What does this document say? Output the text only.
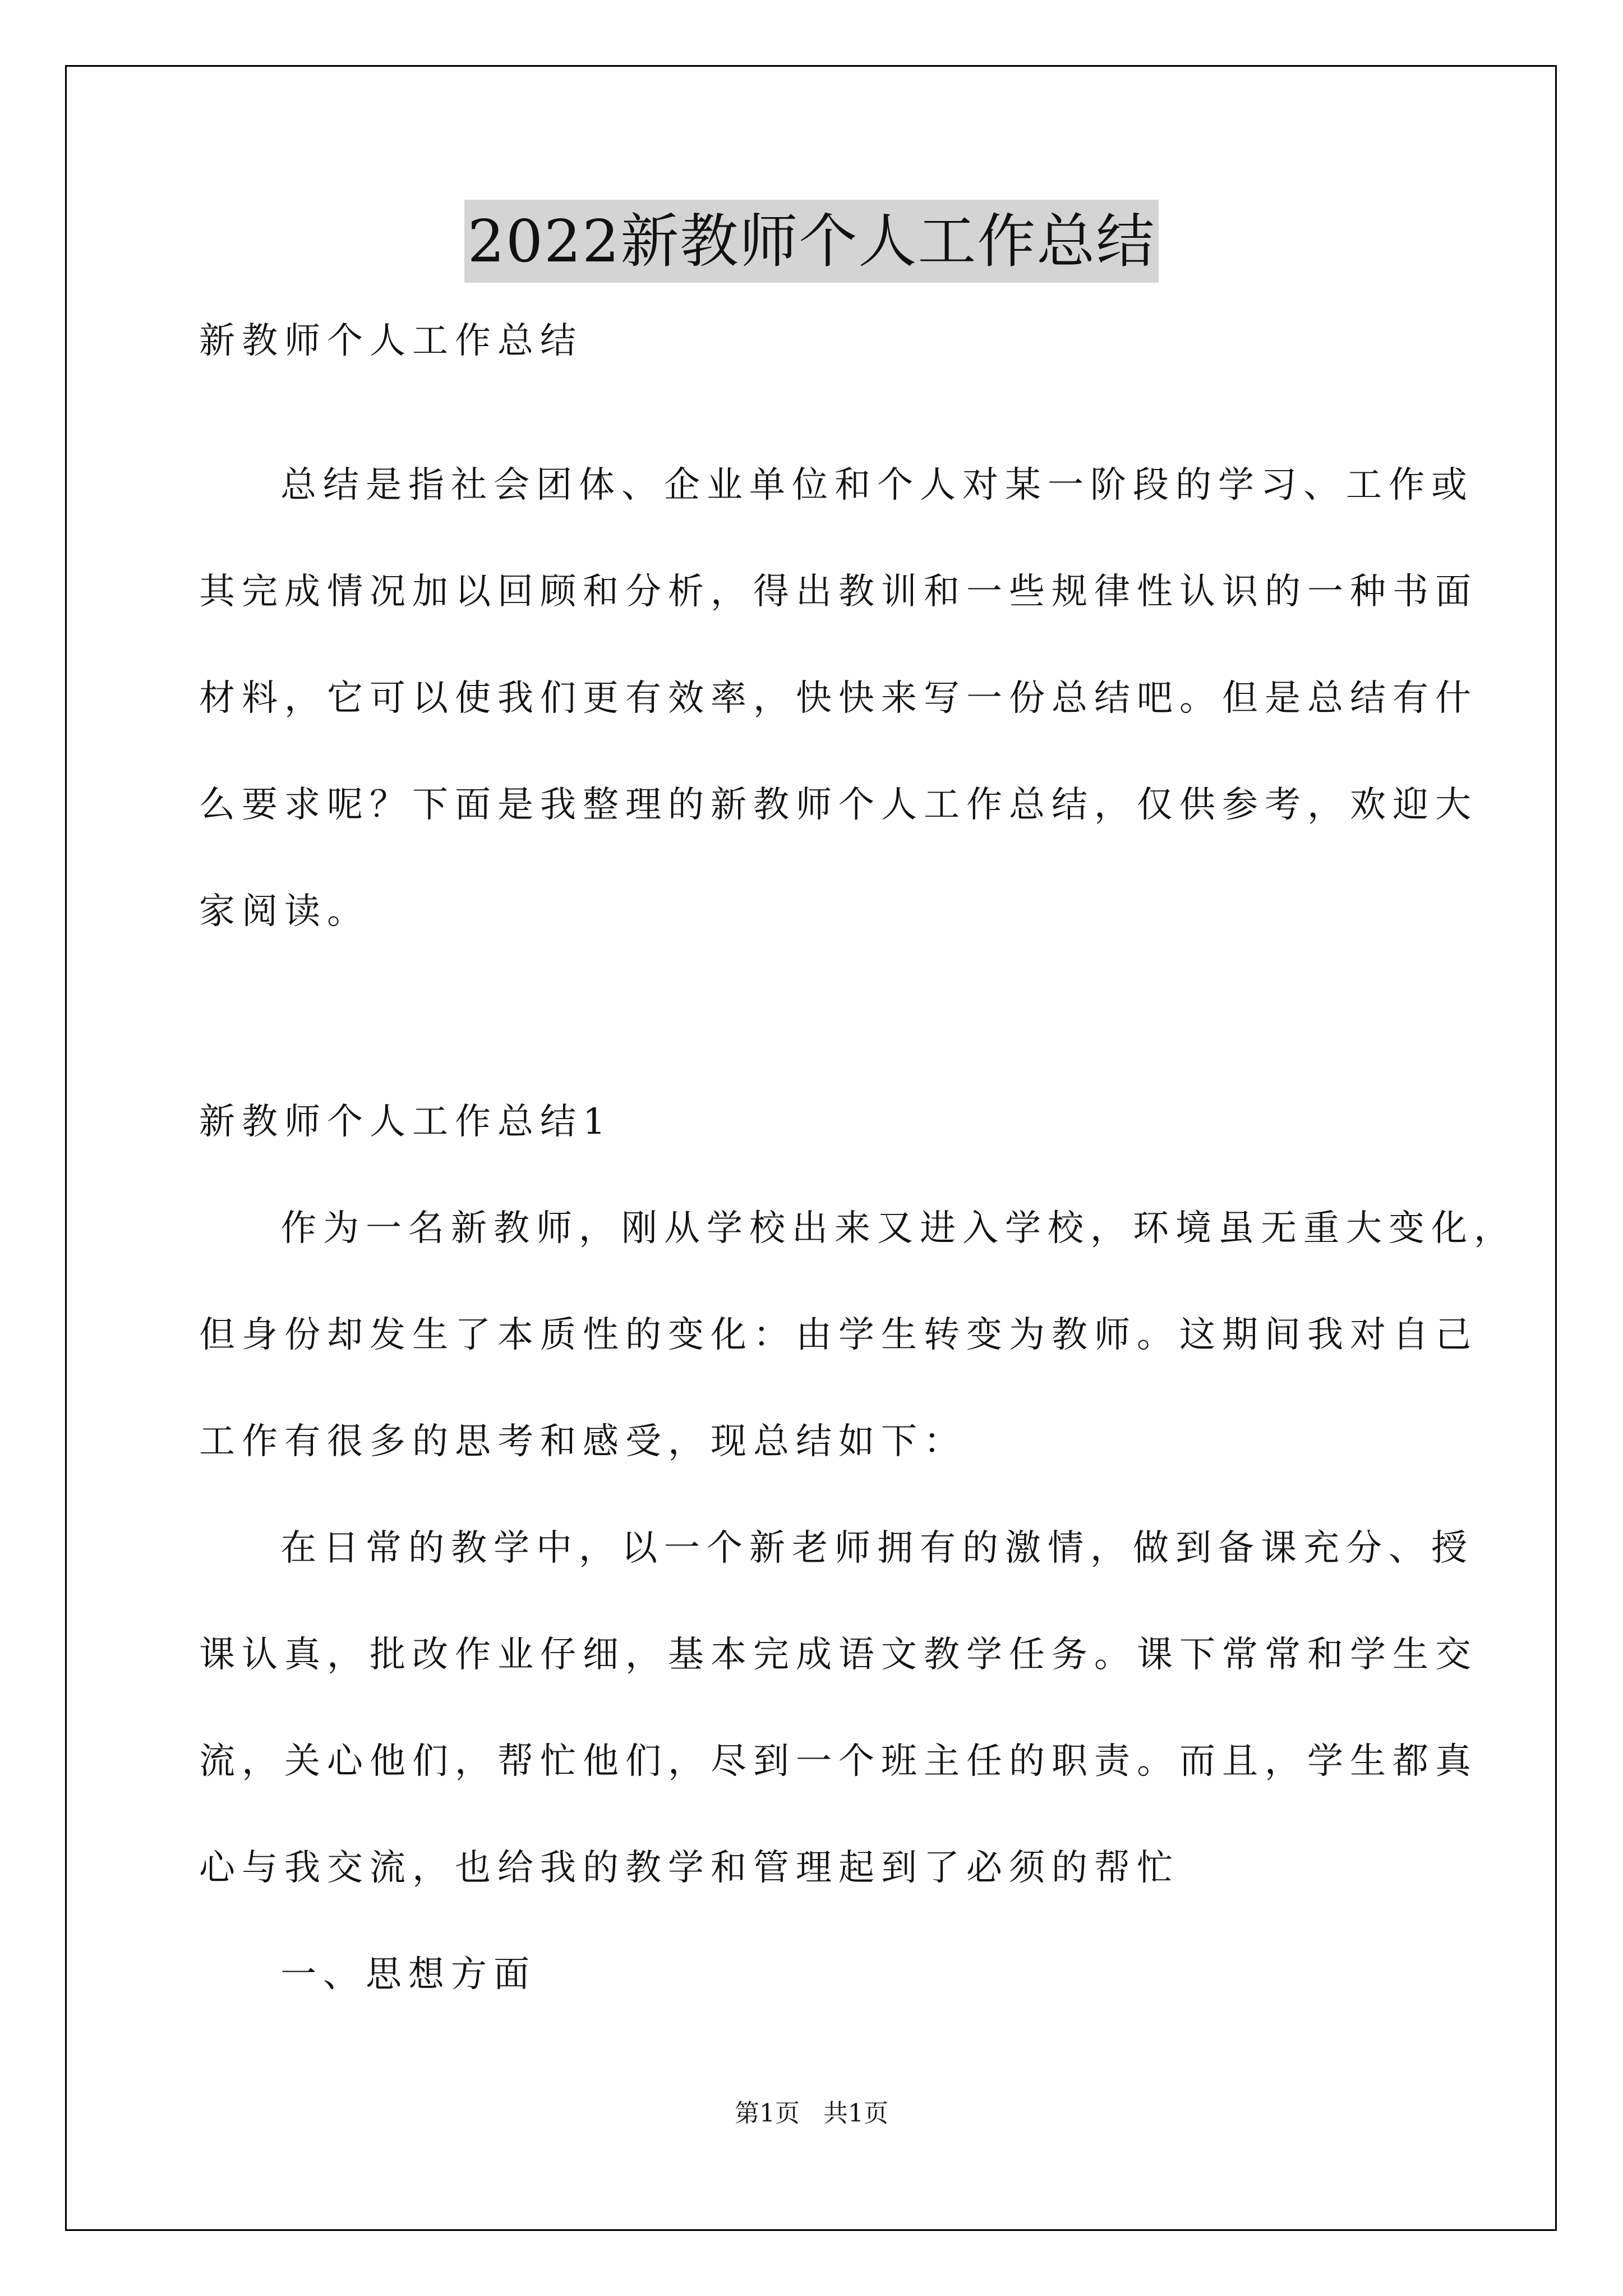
2022新教师个人工作总结
新教师个人工作总结
总结是指社会团体、企业单位和个人对某一阶段的学习、工作或
其完成情况加以回顾和分析，得出教训和一些规律性认识的一种书面
材料，它可以使我们更有效率，快快来写一份总结吧。但是总结有什
么要求呢？下面是我整理的新教师个人工作总结，仅供参考，欢迎大
家阅读。
新教师个人工作总结1
作为一名新教师，刚从学校出来又进入学校，环境虽无重大变化，
但身份却发生了本质性的变化：由学生转变为教师。这期间我对自己
工作有很多的思考和感受，现总结如下：
在日常的教学中，以一个新老师拥有的激情，做到备课充分、授
课认真，批改作业仔细，基本完成语文教学任务。课下常常和学生交
流，关心他们，帮忙他们，尽到一个班主任的职责。而且，学生都真
心与我交流，也给我的教学和管理起到了必须的帮忙
一、思想方面
第1页   共1页
